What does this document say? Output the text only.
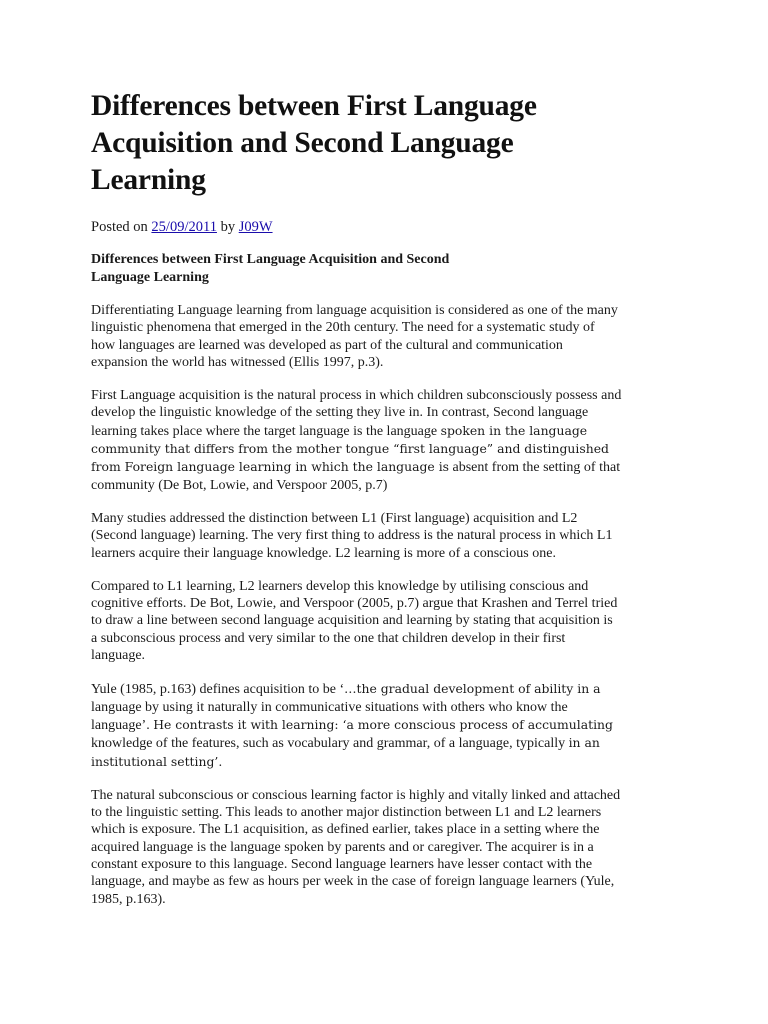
Differences between First Language Acquisition and Second Language Learning
Posted on 25/09/2011 by J09W
Differences between First Language Acquisition and Second Language Learning

Differentiating Language learning from language acquisition is considered as one of the many linguistic phenomena that emerged in the 20th century. The need for a systematic study of how languages are learned was developed as part of the cultural and communication expansion the world has witnessed (Ellis 1997, p.3).

First Language acquisition is the natural process in which children subconsciously possess and develop the linguistic knowledge of the setting they live in. In contrast, Second language learning takes place where the target language is the language spoken in the language community that differs from the mother tongue “first language” and distinguished from Foreign language learning in which the language is absent from the setting of that community (De Bot, Lowie, and Verspoor 2005, p.7)

Many studies addressed the distinction between L1 (First language) acquisition and L2 (Second language) learning. The very first thing to address is the natural process in which L1 learners acquire their language knowledge. L2 learning is more of a conscious one.

Compared to L1 learning, L2 learners develop this knowledge by utilising conscious and cognitive efforts. De Bot, Lowie, and Verspoor (2005, p.7) argue that Krashen and Terrel tried to draw a line between second language acquisition and learning by stating that acquisition is a subconscious process and very similar to the one that children develop in their first language.

Yule (1985, p.163) defines acquisition to be ‘…the gradual development of ability in a language by using it naturally in communicative situations with others who know the language’. He contrasts it with learning: ‘a more conscious process of accumulating knowledge of the features, such as vocabulary and grammar, of a language, typically in an institutional setting’.

The natural subconscious or conscious learning factor is highly and vitally linked and attached to the linguistic setting. This leads to another major distinction between L1 and L2 learners which is exposure. The L1 acquisition, as defined earlier, takes place in a setting where the acquired language is the language spoken by parents and or caregiver. The acquirer is in a constant exposure to this language. Second language learners have lesser contact with the language, and maybe as few as hours per week in the case of foreign language learners (Yule, 1985, p.163).
